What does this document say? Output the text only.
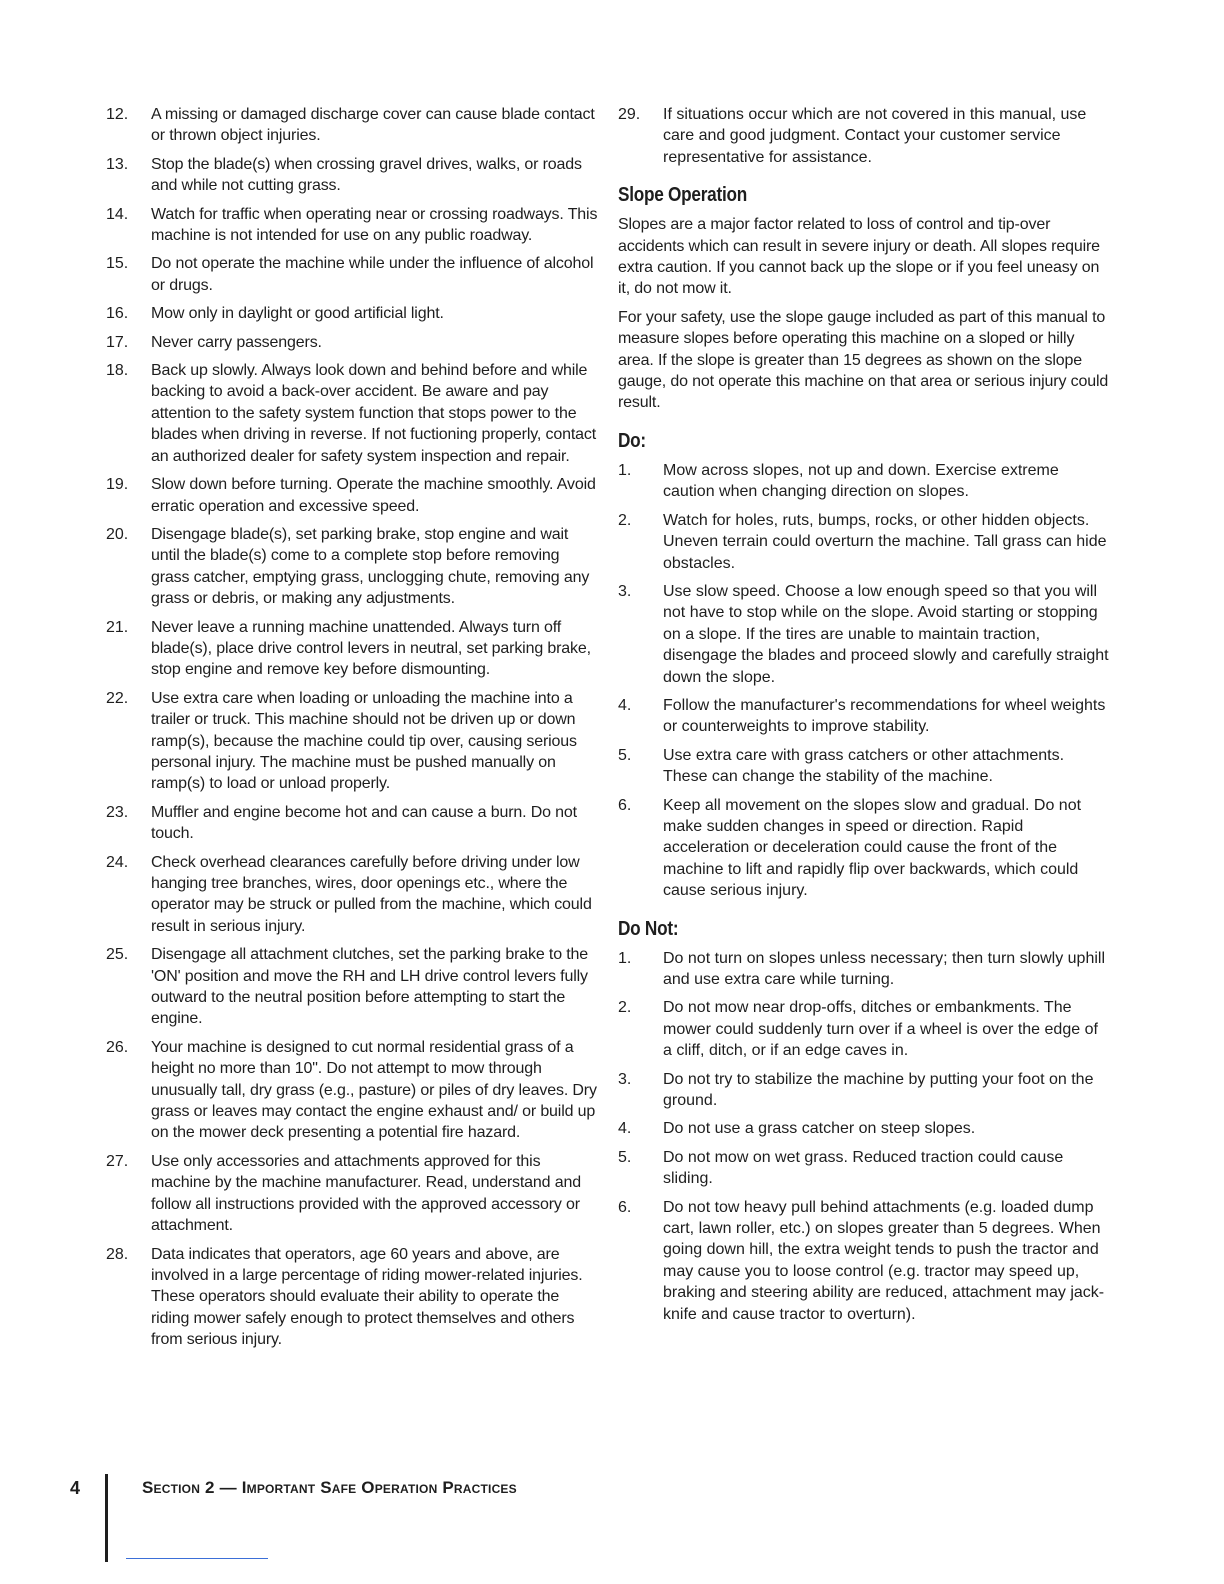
12.	A missing or damaged discharge cover can cause blade contact or thrown object injuries.
13.	Stop the blade(s) when crossing gravel drives, walks, or roads and while not cutting grass.
14.	Watch for traffic when operating near or crossing roadways. This machine is not intended for use on any public roadway.
15.	Do not operate the machine while under the influence of alcohol or drugs.
16.	Mow only in daylight or good artificial light.
17.	Never carry passengers.
18.	Back up slowly. Always look down and behind before and while backing to avoid a back-over accident. Be aware and pay attention to the safety system function that stops power to the blades when driving in reverse. If not fuctioning properly, contact an authorized dealer for safety system inspection and repair.
19.	Slow down before turning. Operate the machine smoothly. Avoid erratic operation and excessive speed.
20.	Disengage blade(s), set parking brake, stop engine and wait until the blade(s) come to a complete stop before removing grass catcher, emptying grass, unclogging chute, removing any grass or debris, or making any adjustments.
21.	Never leave a running machine unattended. Always turn off blade(s), place drive control levers in neutral, set parking brake, stop engine and remove key before dismounting.
22.	Use extra care when loading or unloading the machine into a trailer or truck. This machine should not be driven up or down ramp(s), because the machine could tip over, causing serious personal injury. The machine must be pushed manually on ramp(s) to load or unload properly.
23.	Muffler and engine become hot and can cause a burn. Do not touch.
24.	Check overhead clearances carefully before driving under low hanging tree branches, wires, door openings etc., where the operator may be struck or pulled from the machine, which could result in serious injury.
25.	Disengage all attachment clutches, set the parking brake to the 'ON' position and move the RH and LH drive control levers fully outward to the neutral position before attempting to start the engine.
26.	Your machine is designed to cut normal residential grass of a height no more than 10". Do not attempt to mow through unusually tall, dry grass (e.g., pasture) or piles of dry leaves. Dry grass or leaves may contact the engine exhaust and/ or build up on the mower deck presenting a potential fire hazard.
27.	Use only accessories and attachments approved for this machine by the machine manufacturer. Read, understand and follow all instructions provided with the approved accessory or attachment.
28.	Data indicates that operators, age 60 years and above, are involved in a large percentage of riding mower-related injuries. These operators should evaluate their ability to operate the riding mower safely enough to protect themselves and others from serious injury.
29.	If situations occur which are not covered in this manual, use care and good judgment. Contact your customer service representative for assistance.
Slope Operation

Slopes are a major factor related to loss of control and tip-over accidents which can result in severe injury or death. All slopes require extra caution. If you cannot back up the slope or if you feel uneasy on it, do not mow it.

For your safety, use the slope gauge included as part of this manual to measure slopes before operating this machine on a sloped or hilly area. If the slope is greater than 15 degrees as shown on the slope gauge, do not operate this machine on that area or serious injury could result.

Do:
1.	Mow across slopes, not up and down. Exercise extreme caution when changing direction on slopes.
2.	Watch for holes, ruts, bumps, rocks, or other hidden objects. Uneven terrain could overturn the machine. Tall grass can hide obstacles.
3.	Use slow speed. Choose a low enough speed so that you will not have to stop while on the slope. Avoid starting or stopping on a slope. If the tires are unable to maintain traction, disengage the blades and proceed slowly and carefully straight down the slope.
4.	Follow the manufacturer's recommendations for wheel weights or counterweights to improve stability.
5.	Use extra care with grass catchers or other attachments. These can change the stability of the machine.
6.	Keep all movement on the slopes slow and gradual. Do not make sudden changes in speed or direction. Rapid acceleration or deceleration could cause the front of the machine to lift and rapidly flip over backwards, which could cause serious injury.
Do Not:
1.	Do not turn on slopes unless necessary; then turn slowly uphill and use extra care while turning.
2.	Do not mow near drop-offs, ditches or embankments. The mower could suddenly turn over if a wheel is over the edge of a cliff, ditch, or if an edge caves in.
3.	Do not try to stabilize the machine by putting your foot on the ground.
4.	Do not use a grass catcher on steep slopes.
5.	Do not mow on wet grass. Reduced traction could cause sliding.
6.	Do not tow heavy pull behind attachments (e.g. loaded dump cart, lawn roller, etc.) on slopes greater than 5 degrees. When going down hill, the extra weight tends to push the tractor and may cause you to loose control (e.g. tractor may speed up, braking and steering ability are reduced, attachment may jack-knife and cause tractor to overturn).
4	Section 2 — Important Safe Operation Practices
